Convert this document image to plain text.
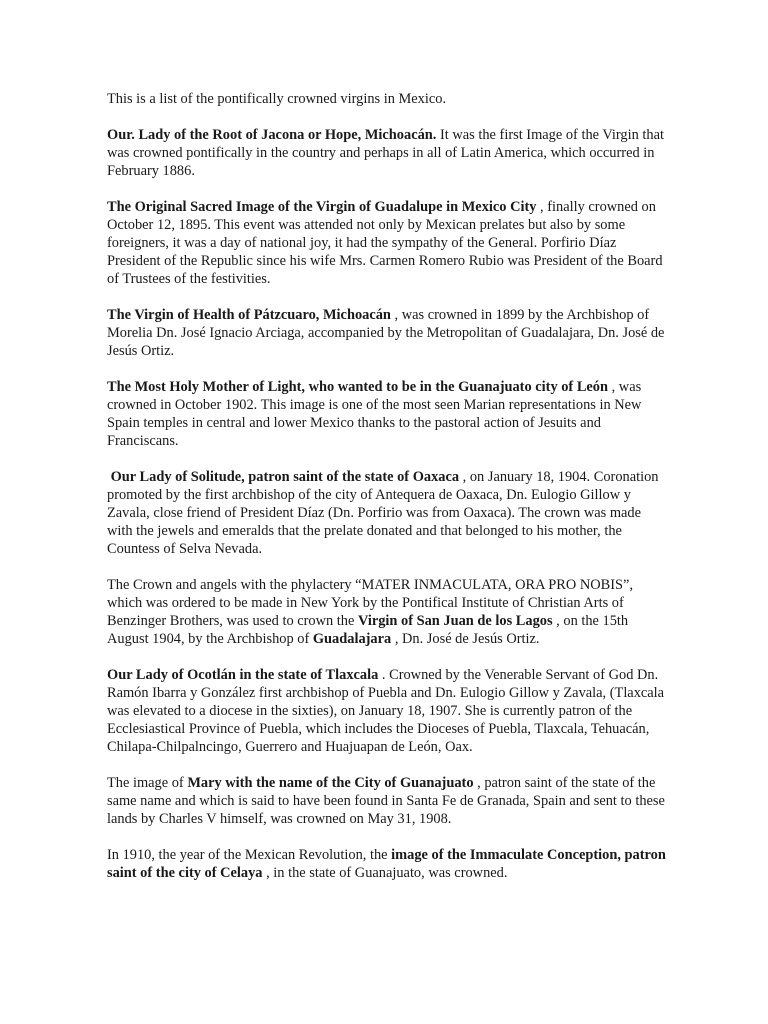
This is a list of the pontifically crowned virgins in Mexico.

Our. Lady of the Root of Jacona or Hope, Michoacán. It was the first Image of the Virgin that was crowned pontifically in the country and perhaps in all of Latin America, which occurred in February 1886.

The Original Sacred Image of the Virgin of Guadalupe in Mexico City , finally crowned on October 12, 1895. This event was attended not only by Mexican prelates but also by some foreigners, it was a day of national joy, it had the sympathy of the General. Porfirio Díaz President of the Republic since his wife Mrs. Carmen Romero Rubio was President of the Board of Trustees of the festivities.

The Virgin of Health of Pátzcuaro, Michoacán , was crowned in 1899 by the Archbishop of Morelia Dn. José Ignacio Arciaga, accompanied by the Metropolitan of Guadalajara, Dn. José de Jesús Ortiz.

The Most Holy Mother of Light, who wanted to be in the Guanajuato city of León , was crowned in October 1902. This image is one of the most seen Marian representations in New Spain temples in central and lower Mexico thanks to the pastoral action of Jesuits and Franciscans.

Our Lady of Solitude, patron saint of the state of Oaxaca , on January 18, 1904. Coronation promoted by the first archbishop of the city of Antequera de Oaxaca, Dn. Eulogio Gillow y Zavala, close friend of President Díaz (Dn. Porfirio was from Oaxaca). The crown was made with the jewels and emeralds that the prelate donated and that belonged to his mother, the Countess of Selva Nevada.

The Crown and angels with the phylactery “MATER INMACULATA, ORA PRO NOBIS”, which was ordered to be made in New York by the Pontifical Institute of Christian Arts of Benzinger Brothers, was used to crown the Virgin of San Juan de los Lagos , on the 15th August 1904, by the Archbishop of Guadalajara , Dn. José de Jesús Ortiz.

Our Lady of Ocotlán in the state of Tlaxcala . Crowned by the Venerable Servant of God Dn. Ramón Ibarra y González first archbishop of Puebla and Dn. Eulogio Gillow y Zavala, (Tlaxcala was elevated to a diocese in the sixties), on January 18, 1907. She is currently patron of the Ecclesiastical Province of Puebla, which includes the Dioceses of Puebla, Tlaxcala, Tehuacán, Chilapa-Chilpalncingo, Guerrero and Huajuapan de León, Oax.

The image of Mary with the name of the City of Guanajuato , patron saint of the state of the same name and which is said to have been found in Santa Fe de Granada, Spain and sent to these lands by Charles V himself, was crowned on May 31, 1908.

In 1910, the year of the Mexican Revolution, the image of the Immaculate Conception, patron saint of the city of Celaya , in the state of Guanajuato, was crowned.
